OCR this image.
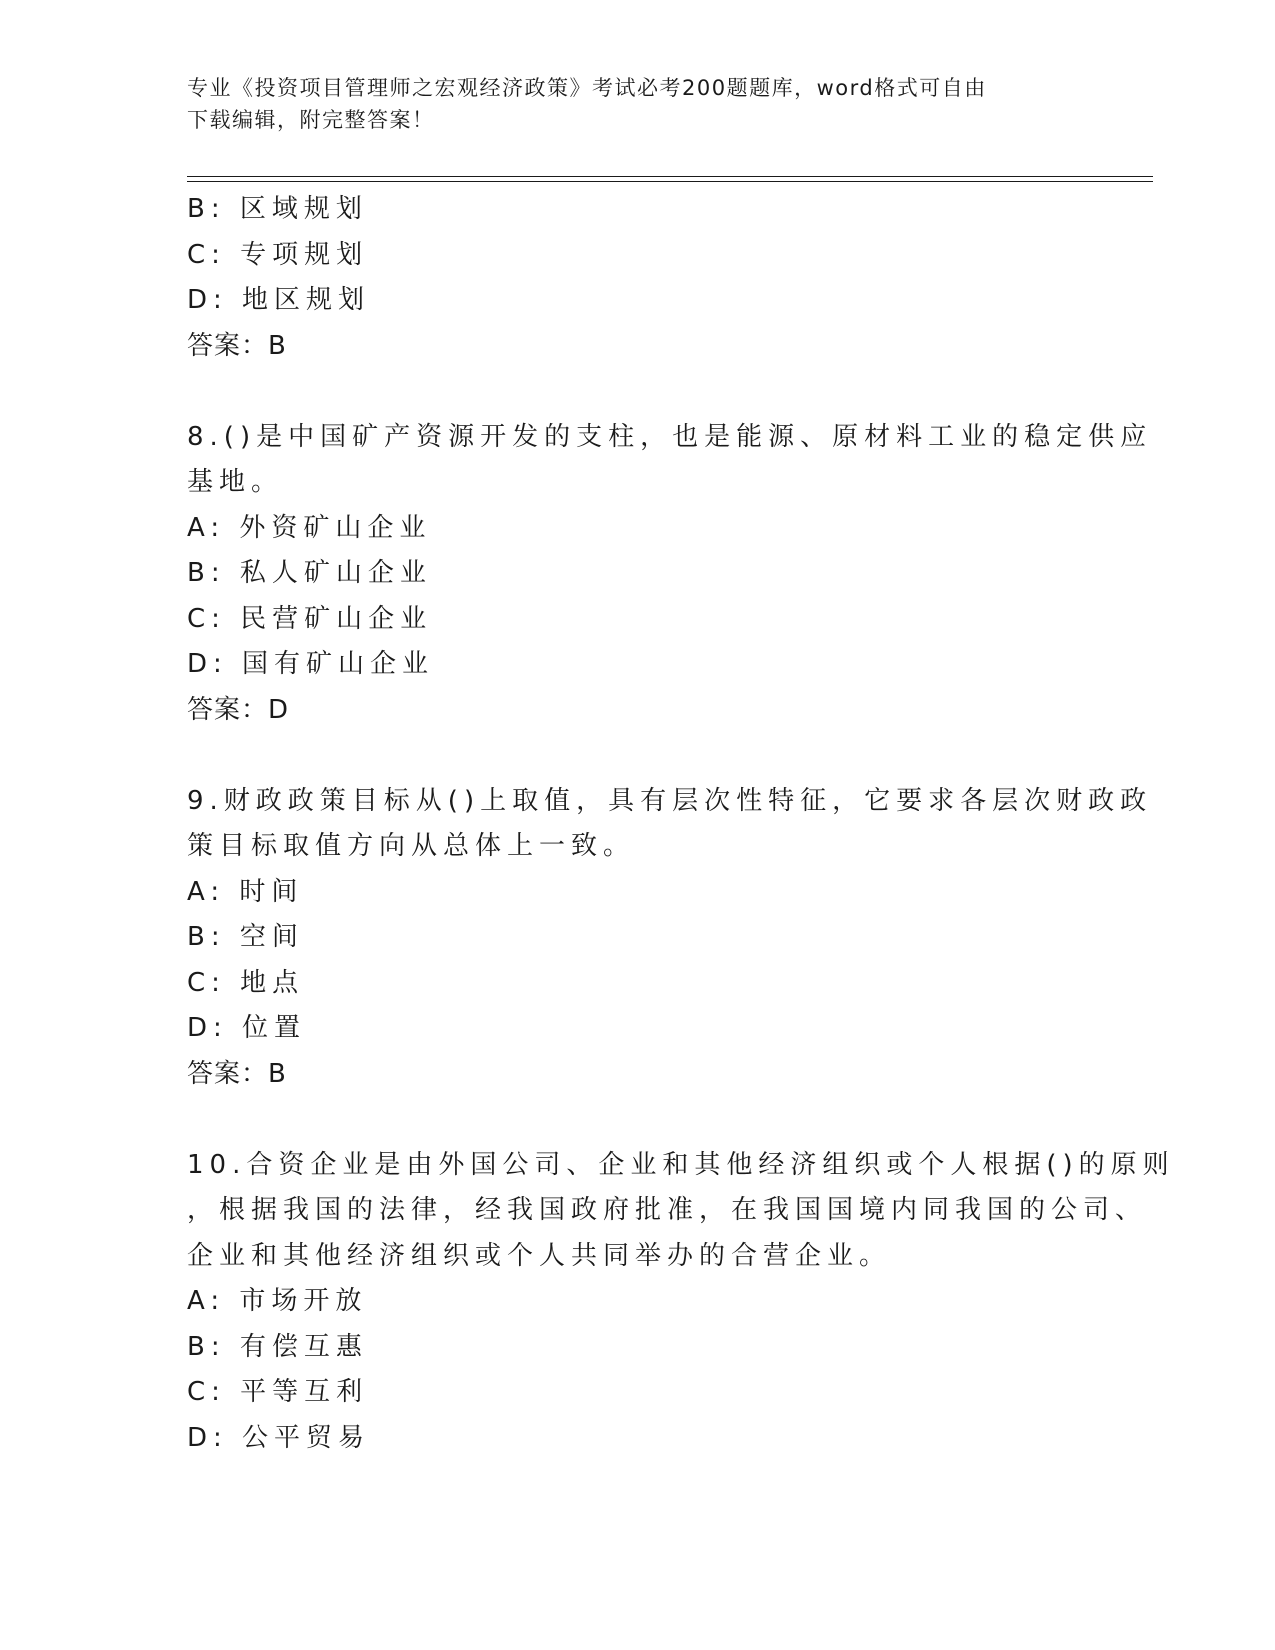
专业《投资项目管理师之宏观经济政策》考试必考200题题库，word格式可自由
下载编辑，附完整答案！
B: 区域规划
C: 专项规划
D: 地区规划
答案：B
8.()是中国矿产资源开发的支柱，也是能源、原材料工业的稳定供应
基地。
A: 外资矿山企业
B: 私人矿山企业
C: 民营矿山企业
D: 国有矿山企业
答案：D
9.财政政策目标从()上取值，具有层次性特征，它要求各层次财政政
策目标取值方向从总体上一致。
A: 时间
B: 空间
C: 地点
D: 位置
答案：B
10.合资企业是由外国公司、企业和其他经济组织或个人根据()的原则
，根据我国的法律，经我国政府批准，在我国国境内同我国的公司、
企业和其他经济组织或个人共同举办的合营企业。
A: 市场开放
B: 有偿互惠
C: 平等互利
D: 公平贸易
